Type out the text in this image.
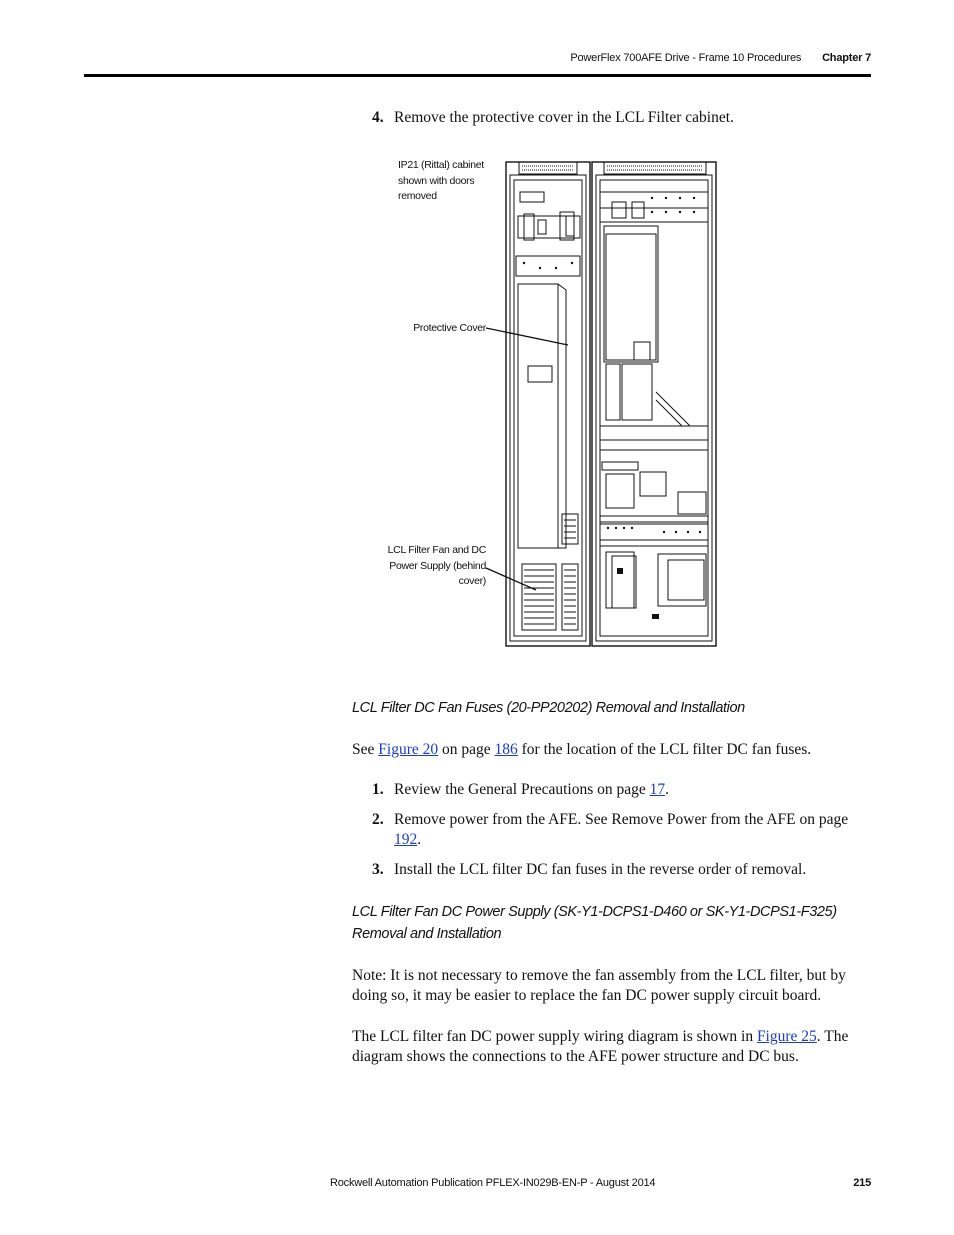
PowerFlex 700AFE Drive - Frame 10 Procedures Chapter 7
4. Remove the protective cover in the LCL Filter cabinet.
IP21 (Rittal) cabinet shown with doors removed
Protective Cover
LCL Filter Fan and DC Power Supply (behind cover)
LCL Filter DC Fan Fuses (20-PP20202) Removal and Installation
See Figure 20 on page 186 for the location of the LCL filter DC fan fuses.
1. Review the General Precautions on page 17.
2. Remove power from the AFE. See Remove Power from the AFE on page 192.
3. Install the LCL filter DC fan fuses in the reverse order of removal.
LCL Filter Fan DC Power Supply (SK-Y1-DCPS1-D460 or SK-Y1-DCPS1-F325) Removal and Installation
Note: It is not necessary to remove the fan assembly from the LCL filter, but by doing so, it may be easier to replace the fan DC power supply circuit board.
The LCL filter fan DC power supply wiring diagram is shown in Figure 25. The diagram shows the connections to the AFE power structure and DC bus.
Rockwell Automation Publication PFLEX-IN029B-EN-P - August 2014	215
